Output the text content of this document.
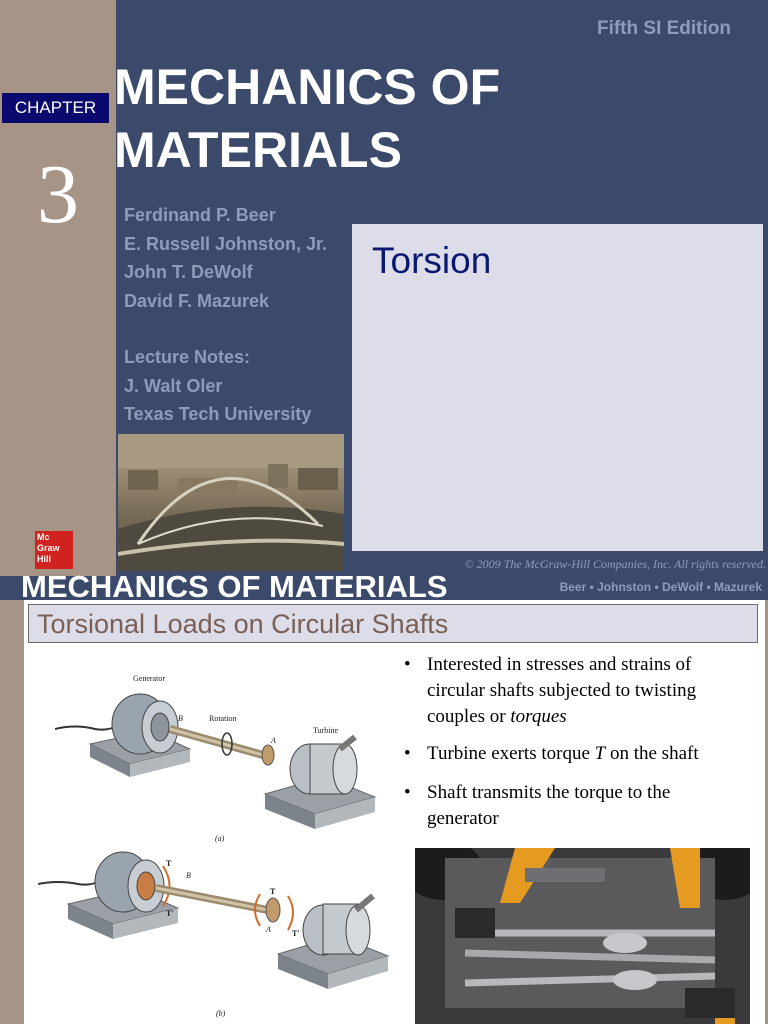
CHAPTER
3
Fifth SI Edition
MECHANICS OF
MATERIALS
Ferdinand P. Beer
E. Russell Johnston, Jr.
John T. DeWolf
David F. Mazurek
Lecture Notes:
J. Walt Oler
Texas Tech University
Mc
Graw
Hill
Torsion
© 2009 The McGraw-Hill Companies, Inc. All rights reserved.
MECHANICS OF MATERIALS	Beer • Johnston • DeWolf • Mazurek
Torsional Loads on Circular Shafts
• Interested in stresses and strains of circular shafts subjected to twisting couples or torques
• Turbine exerts torque T on the shaft
• Shaft transmits the torque to the generator
Generator
Rotation
Turbine
A
B
(a)
T
T'
T
T'
A
B
(b)
